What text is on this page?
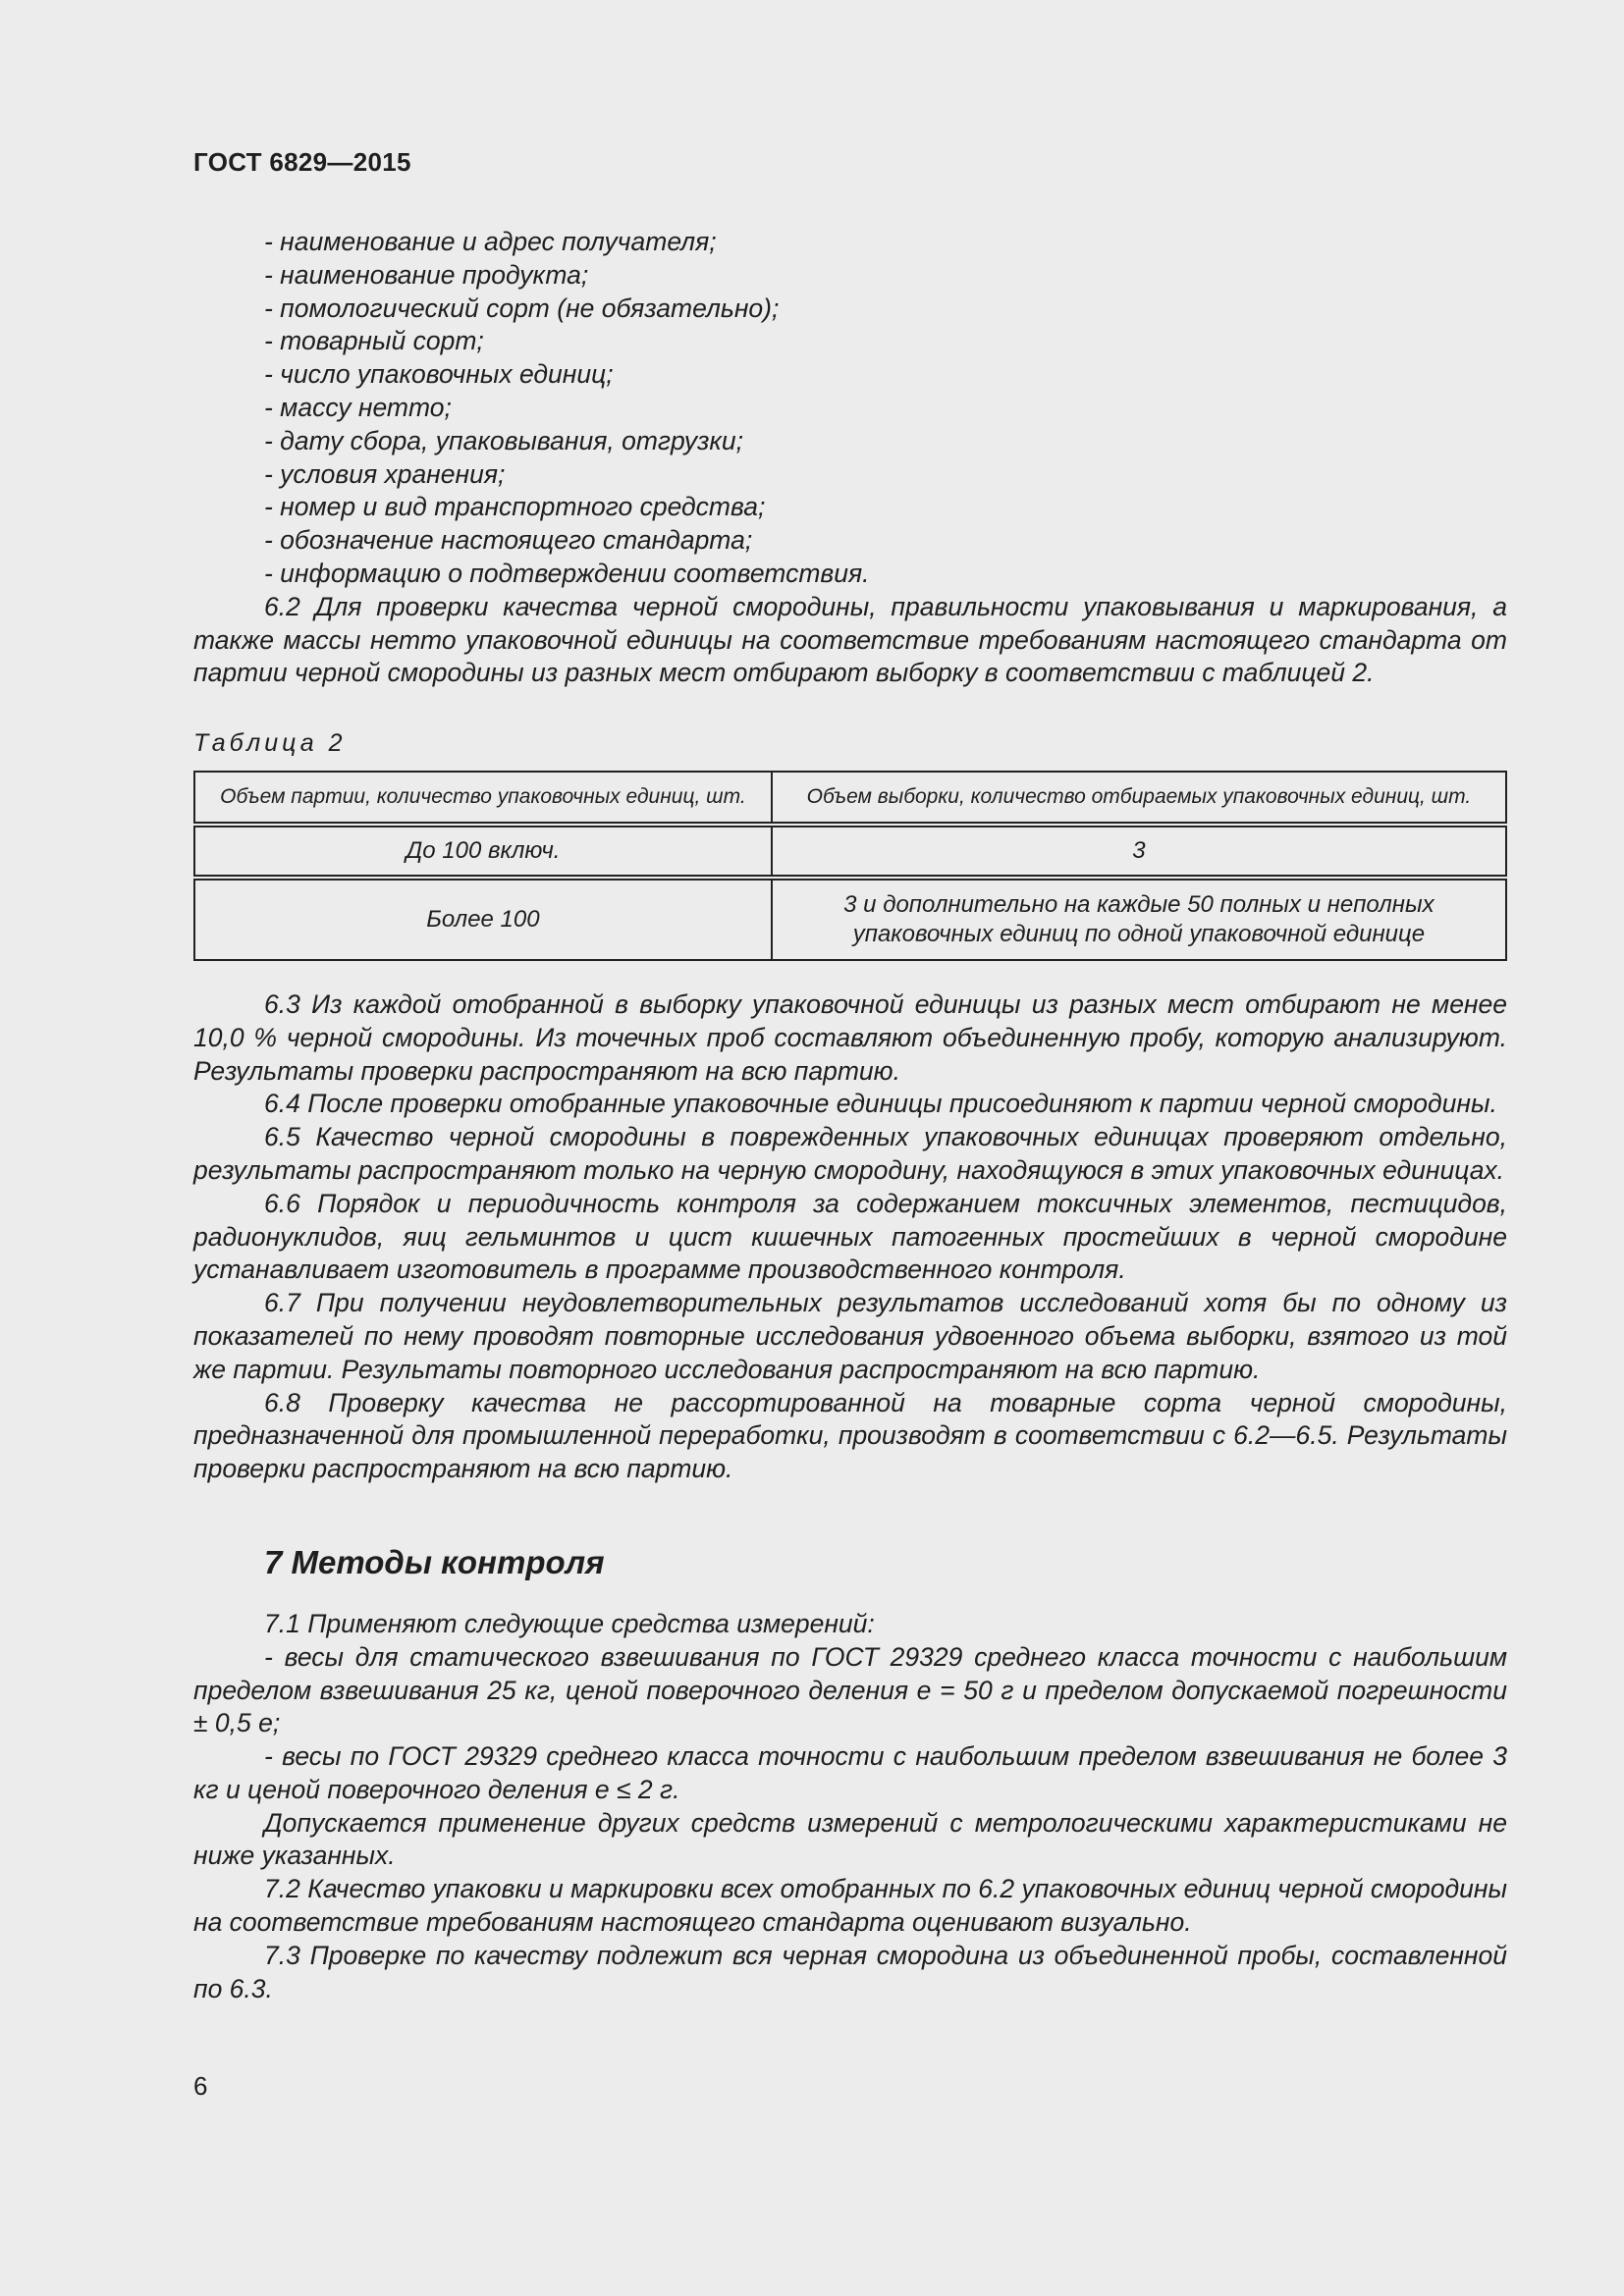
ГОСТ 6829—2015
- наименование и адрес получателя;
- наименование продукта;
- помологический сорт (не обязательно);
- товарный сорт;
- число упаковочных единиц;
- массу нетто;
- дату сбора, упаковывания, отгрузки;
- условия хранения;
- номер и вид транспортного средства;
- обозначение настоящего стандарта;
- информацию о подтверждении соответствия.
6.2 Для проверки качества черной смородины, правильности упаковывания и маркирования, а также массы нетто упаковочной единицы на соответствие требованиям настоящего стандарта от партии черной смородины из разных мест отбирают выборку в соответствии с таблицей 2.
Таблица 2
Объем партии, количество упаковочных единиц, шт.	Объем выборки, количество отбираемых упаковочных единиц, шт.
До 100 включ.	3
Более 100	3 и дополнительно на каждые 50 полных и неполных упаковочных единиц по одной упаковочной единице
6.3 Из каждой отобранной в выборку упаковочной единицы из разных мест отбирают не менее 10,0 % черной смородины. Из точечных проб составляют объединенную пробу, которую анализируют. Результаты проверки распространяют на всю партию.
6.4 После проверки отобранные упаковочные единицы присоединяют к партии черной смородины.
6.5 Качество черной смородины в поврежденных упаковочных единицах проверяют отдельно, результаты распространяют только на черную смородину, находящуюся в этих упаковочных единицах.
6.6 Порядок и периодичность контроля за содержанием токсичных элементов, пестицидов, радионуклидов, яиц гельминтов и цист кишечных патогенных простейших в черной смородине устанавливает изготовитель в программе производственного контроля.
6.7 При получении неудовлетворительных результатов исследований хотя бы по одному из показателей по нему проводят повторные исследования удвоенного объема выборки, взятого из той же партии. Результаты повторного исследования распространяют на всю партию.
6.8 Проверку качества не рассортированной на товарные сорта черной смородины, предназначенной для промышленной переработки, производят в соответствии с 6.2—6.5. Результаты проверки распространяют на всю партию.
7 Методы контроля
7.1 Применяют следующие средства измерений:
- весы для статического взвешивания по ГОСТ 29329 среднего класса точности с наибольшим пределом взвешивания 25 кг, ценой поверочного деления e = 50 г и пределом допускаемой погрешности ± 0,5 e;
- весы по ГОСТ 29329 среднего класса точности с наибольшим пределом взвешивания не более 3 кг и ценой поверочного деления e ≤ 2 г.
Допускается применение других средств измерений с метрологическими характеристиками не ниже указанных.
7.2 Качество упаковки и маркировки всех отобранных по 6.2 упаковочных единиц черной смородины на соответствие требованиям настоящего стандарта оценивают визуально.
7.3 Проверке по качеству подлежит вся черная смородина из объединенной пробы, составленной по 6.3.
6
